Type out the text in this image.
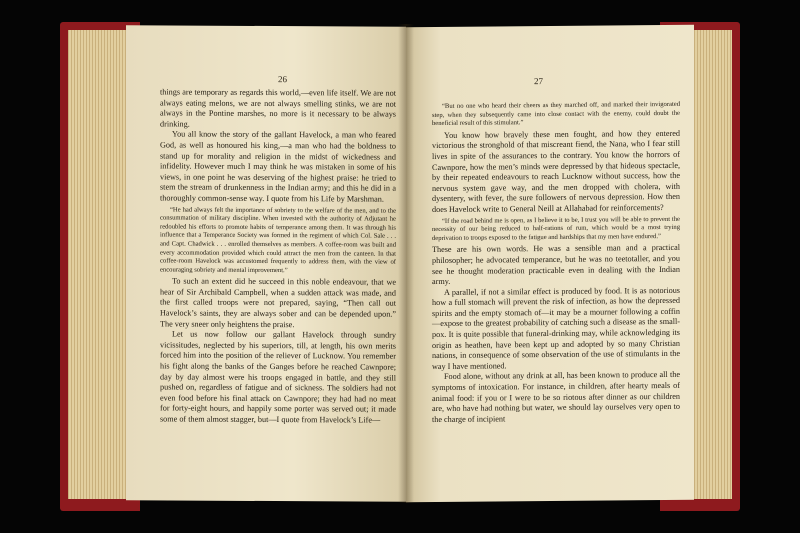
26

things are temporary as regards this world,—even life itself. We are not always eating melons, we are not always smelling stinks, we are not always in the Pontine marshes, no more is it necessary to be always drinking.

You all know the story of the gallant Havelock, a man who feared God, as well as honoured his king,—a man who had the boldness to stand up for morality and religion in the midst of wickedness and infidelity. However much I may think he was mistaken in some of his views, in one point he was deserving of the highest praise: he tried to stem the stream of drunkenness in the Indian army; and this he did in a thoroughly common-sense way. I quote from his Life by Marshman.

“He had always felt the importance of sobriety to the welfare of the men, and to the consummation of military discipline. When invested with the authority of Adjutant he redoubled his efforts to promote habits of temperance among them. It was through his influence that a Temperance Society was formed in the regiment of which Col. Sale . . . and Capt. Chadwick . . . enrolled themselves as members. A coffee-room was built and every accommodation provided which could attract the men from the canteen. In that coffee-room Havelock was accustomed frequently to address them, with the view of encouraging sobriety and mental improvement.”

To such an extent did he succeed in this noble endeavour, that we hear of Sir Archibald Campbell, when a sudden attack was made, and the first called troops were not prepared, saying, “Then call out Havelock’s saints, they are always sober and can be depended upon.” The very sneer only heightens the praise.

Let us now follow our gallant Havelock through sundry vicissitudes, neglected by his superiors, till, at length, his own merits forced him into the position of the reliever of Lucknow. You remember his fight along the banks of the Ganges before he reached Cawnpore; day by day almost were his troops engaged in battle, and they still pushed on, regardless of fatigue and of sickness. The soldiers had not even food before his final attack on Cawnpore; they had had no meat for forty-eight hours, and happily some porter was served out; it made some of them almost stagger, but—I quote from Havelock’s Life—

27

“But no one who heard their cheers as they marched off, and marked their invigorated step, when they subsequently came into close contact with the enemy, could doubt the beneficial result of this stimulant.”

You know how bravely these men fought, and how they entered victorious the stronghold of that miscreant fiend, the Nana, who I fear still lives in spite of the assurances to the contrary. You know the horrors of Cawnpore, how the men’s minds were depressed by that hideous spectacle, by their repeated endeavours to reach Lucknow without success, how the nervous system gave way, and the men dropped with cholera, with dysentery, with fever, the sure followers of nervous depression. How then does Havelock write to General Neill at Allahabad for reinforcements?

“If the road behind me is open, as I believe it to be, I trust you will be able to prevent the necessity of our being reduced to half-rations of rum, which would be a most trying deprivation to troops exposed to the fatigue and hardships that my men have endured.”

These are his own words. He was a sensible man and a practical philosopher; he advocated temperance, but he was no teetotaller, and you see he thought moderation practicable even in dealing with the Indian army.

A parallel, if not a similar effect is produced by food. It is as notorious how a full stomach will prevent the risk of infection, as how the depressed spirits and the empty stomach of—it may be a mourner following a coffin—expose to the greatest probability of catching such a disease as the small-pox. It is quite possible that funeral-drinking may, while acknowledging its origin as heathen, have been kept up and adopted by so many Christian nations, in consequence of some observation of the use of stimulants in the way I have mentioned.

Food alone, without any drink at all, has been known to produce all the symptoms of intoxication. For instance, in children, after hearty meals of animal food: if you or I were to be so riotous after dinner as our children are, who have had nothing but water, we should lay ourselves very open to the charge of incipient
